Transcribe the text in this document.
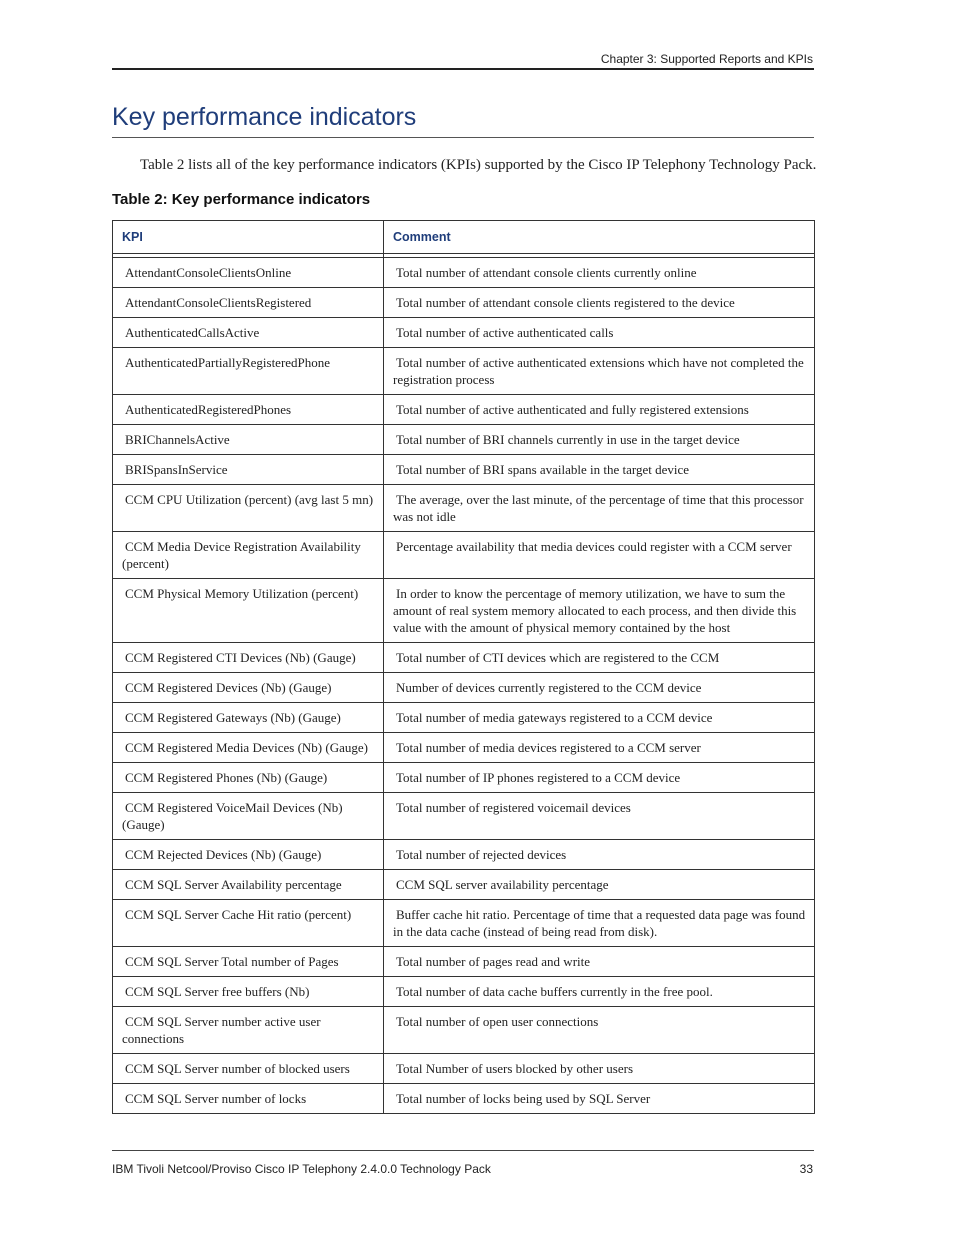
Chapter 3: Supported Reports and KPIs
Key performance indicators

Table 2 lists all of the key performance indicators (KPIs) supported by the Cisco IP Telephony Technology Pack.

Table 2: Key performance indicators
KPI	Comment

AttendantConsoleClientsOnline	Total number of attendant console clients currently online
AttendantConsoleClientsRegistered	Total number of attendant console clients registered to the device
AuthenticatedCallsActive	Total number of active authenticated calls
AuthenticatedPartiallyRegisteredPhone	Total number of active authenticated extensions which have not completed the registration process
AuthenticatedRegisteredPhones	Total number of active authenticated and fully registered extensions
BRIChannelsActive	Total number of BRI channels currently in use in the target device
BRISpansInService	Total number of BRI spans available in the target device
CCM CPU Utilization (percent) (avg last 5 mn)	The average, over the last minute, of the percentage of time that this processor was not idle
CCM Media Device Registration Availability (percent)	Percentage availability that media devices could register with a CCM server
CCM Physical Memory Utilization (percent)	In order to know the percentage of memory utilization, we have to sum the amount of real system memory allocated to each process, and then divide this value with the amount of physical memory contained by the host
CCM Registered CTI Devices (Nb) (Gauge)	Total number of CTI devices which are registered to the CCM
CCM Registered Devices (Nb) (Gauge)	Number of devices currently registered to the CCM device
CCM Registered Gateways (Nb) (Gauge)	Total number of media gateways registered to a CCM device
CCM Registered Media Devices (Nb) (Gauge)	Total number of media devices registered to a CCM server
CCM Registered Phones (Nb) (Gauge)	Total number of IP phones registered to a CCM device
CCM Registered VoiceMail Devices (Nb) (Gauge)	Total number of registered voicemail devices
CCM Rejected Devices (Nb) (Gauge)	Total number of rejected devices
CCM SQL Server Availability percentage	CCM SQL server availability percentage
CCM SQL Server Cache Hit ratio (percent)	Buffer cache hit ratio. Percentage of time that a requested data page was found in the data cache (instead of being read from disk).
CCM SQL Server Total number of Pages	Total number of pages read and write
CCM SQL Server free buffers (Nb)	Total number of data cache buffers currently in the free pool.
CCM SQL Server number active user connections	Total number of open user connections
CCM SQL Server number of blocked users	Total Number of users blocked by other users
CCM SQL Server number of locks	Total number of locks being used by SQL Server
IBM Tivoli Netcool/Proviso Cisco IP Telephony 2.4.0.0 Technology Pack	33
